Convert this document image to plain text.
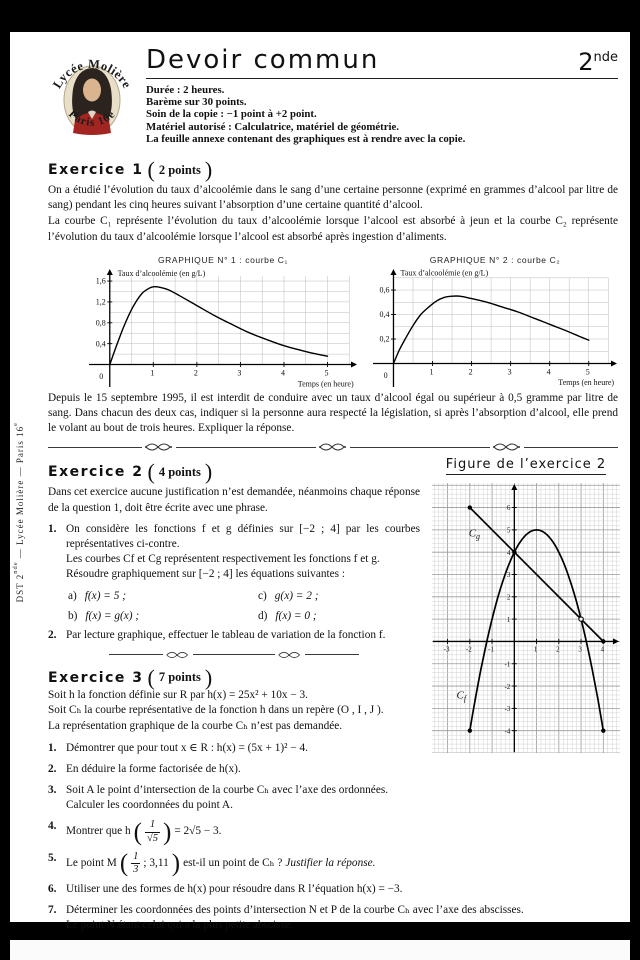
DST 2nde — Lycée Molière — Paris 16e
Lycée Molière
Paris 16e
Devoir commun	2nde
Durée : 2 heures.
Barème sur 30 points.
Soin de la copie : −1 point à +2 point.
Matériel autorisé : Calculatrice, matériel de géométrie.
La feuille annexe contenant des graphiques est à rendre avec la copie.
Exercice 1 ( 2 points )
On a étudié l’évolution du taux d’alcoolémie dans le sang d’une certaine personne (exprimé en grammes d’alcool par litre de sang) pendant les cinq heures suivant l’absorption d’une certaine quantité d’alcool.
La courbe C₁ représente l’évolution du taux d’alcoolémie lorsque l’alcool est absorbé à jeun et la courbe C₂ représente l’évolution du taux d’alcoolémie lorsque l’alcool est absorbé après ingestion d’aliments.
GRAPHIQUE N° 1 : courbe C₁
1	2	3	4	5
0,4
0,8
1,2
1,6
Taux d’alcoolémie (en g/L)
Temps (en heure)
0
GRAPHIQUE N° 2 : courbe C₂
1	2	3	4	5
0,2
0,4
0,6
Taux d’alcoolémie (en g/L)
Temps (en heure)
0
Depuis le 15 septembre 1995, il est interdit de conduire avec un taux d’alcool égal ou supérieur à 0,5 gramme par litre de sang. Dans chacun des deux cas, indiquer si la personne aura respecté la législation, si après l’absorption d’alcool, elle prend le volant au bout de trois heures. Expliquer la réponse.
Exercice 2 ( 4 points )
Dans cet exercice aucune justification n’est demandée, néanmoins chaque réponse de la question 1, doit être écrite avec une phrase.
1. On considère les fonctions f et g définies sur [−2 ; 4] par les courbes représentatives ci-contre.
Les courbes Cf et Cg représentent respectivement les fonctions f et g.
Résoudre graphiquement sur [−2 ; 4] les équations suivantes :
a) f(x) = 5 ;	c) g(x) = 2 ;
b) f(x) = g(x) ;	d) f(x) = 0 ;
2. Par lecture graphique, effectuer le tableau de variation de la fonction f.
Exercice 3 ( 7 points )
Soit h la fonction définie sur R par h(x) = 25x² + 10x − 3.
Soit Cₕ la courbe représentative de la fonction h dans un repère (O , I , J ).
La représentation graphique de la courbe Cₕ n’est pas demandée.
1. Démontrer que pour tout x ∈ R : h(x) = (5x + 1)² − 4.
2. En déduire la forme factorisée de h(x).
Figure de l’exercice 2
-3 -2 -1	1	2	3	4
-4
-3
-2
-1
1
2
3
4
5
6
$C_g$
$C_f$
3. Soit A le point d’intersection de la courbe Cₕ avec l’axe des ordonnées.
Calculer les coordonnées du point A.
4. Montrer que h ( $\frac{1}{√5}$ ) = 2√5 − 3.
5. Le point M ( $\frac{1}{3}$ ; 3,11 ) est-il un point de Cₕ ? Justifier la réponse.
6. Utiliser une des formes de h(x) pour résoudre dans R l’équation h(x) = −3.
7. Déterminer les coordonnées des points d’intersection N et P de la courbe Cₕ avec l’axe des abscisses.
Le point N étant celui qui a la plus petite abscisse.
